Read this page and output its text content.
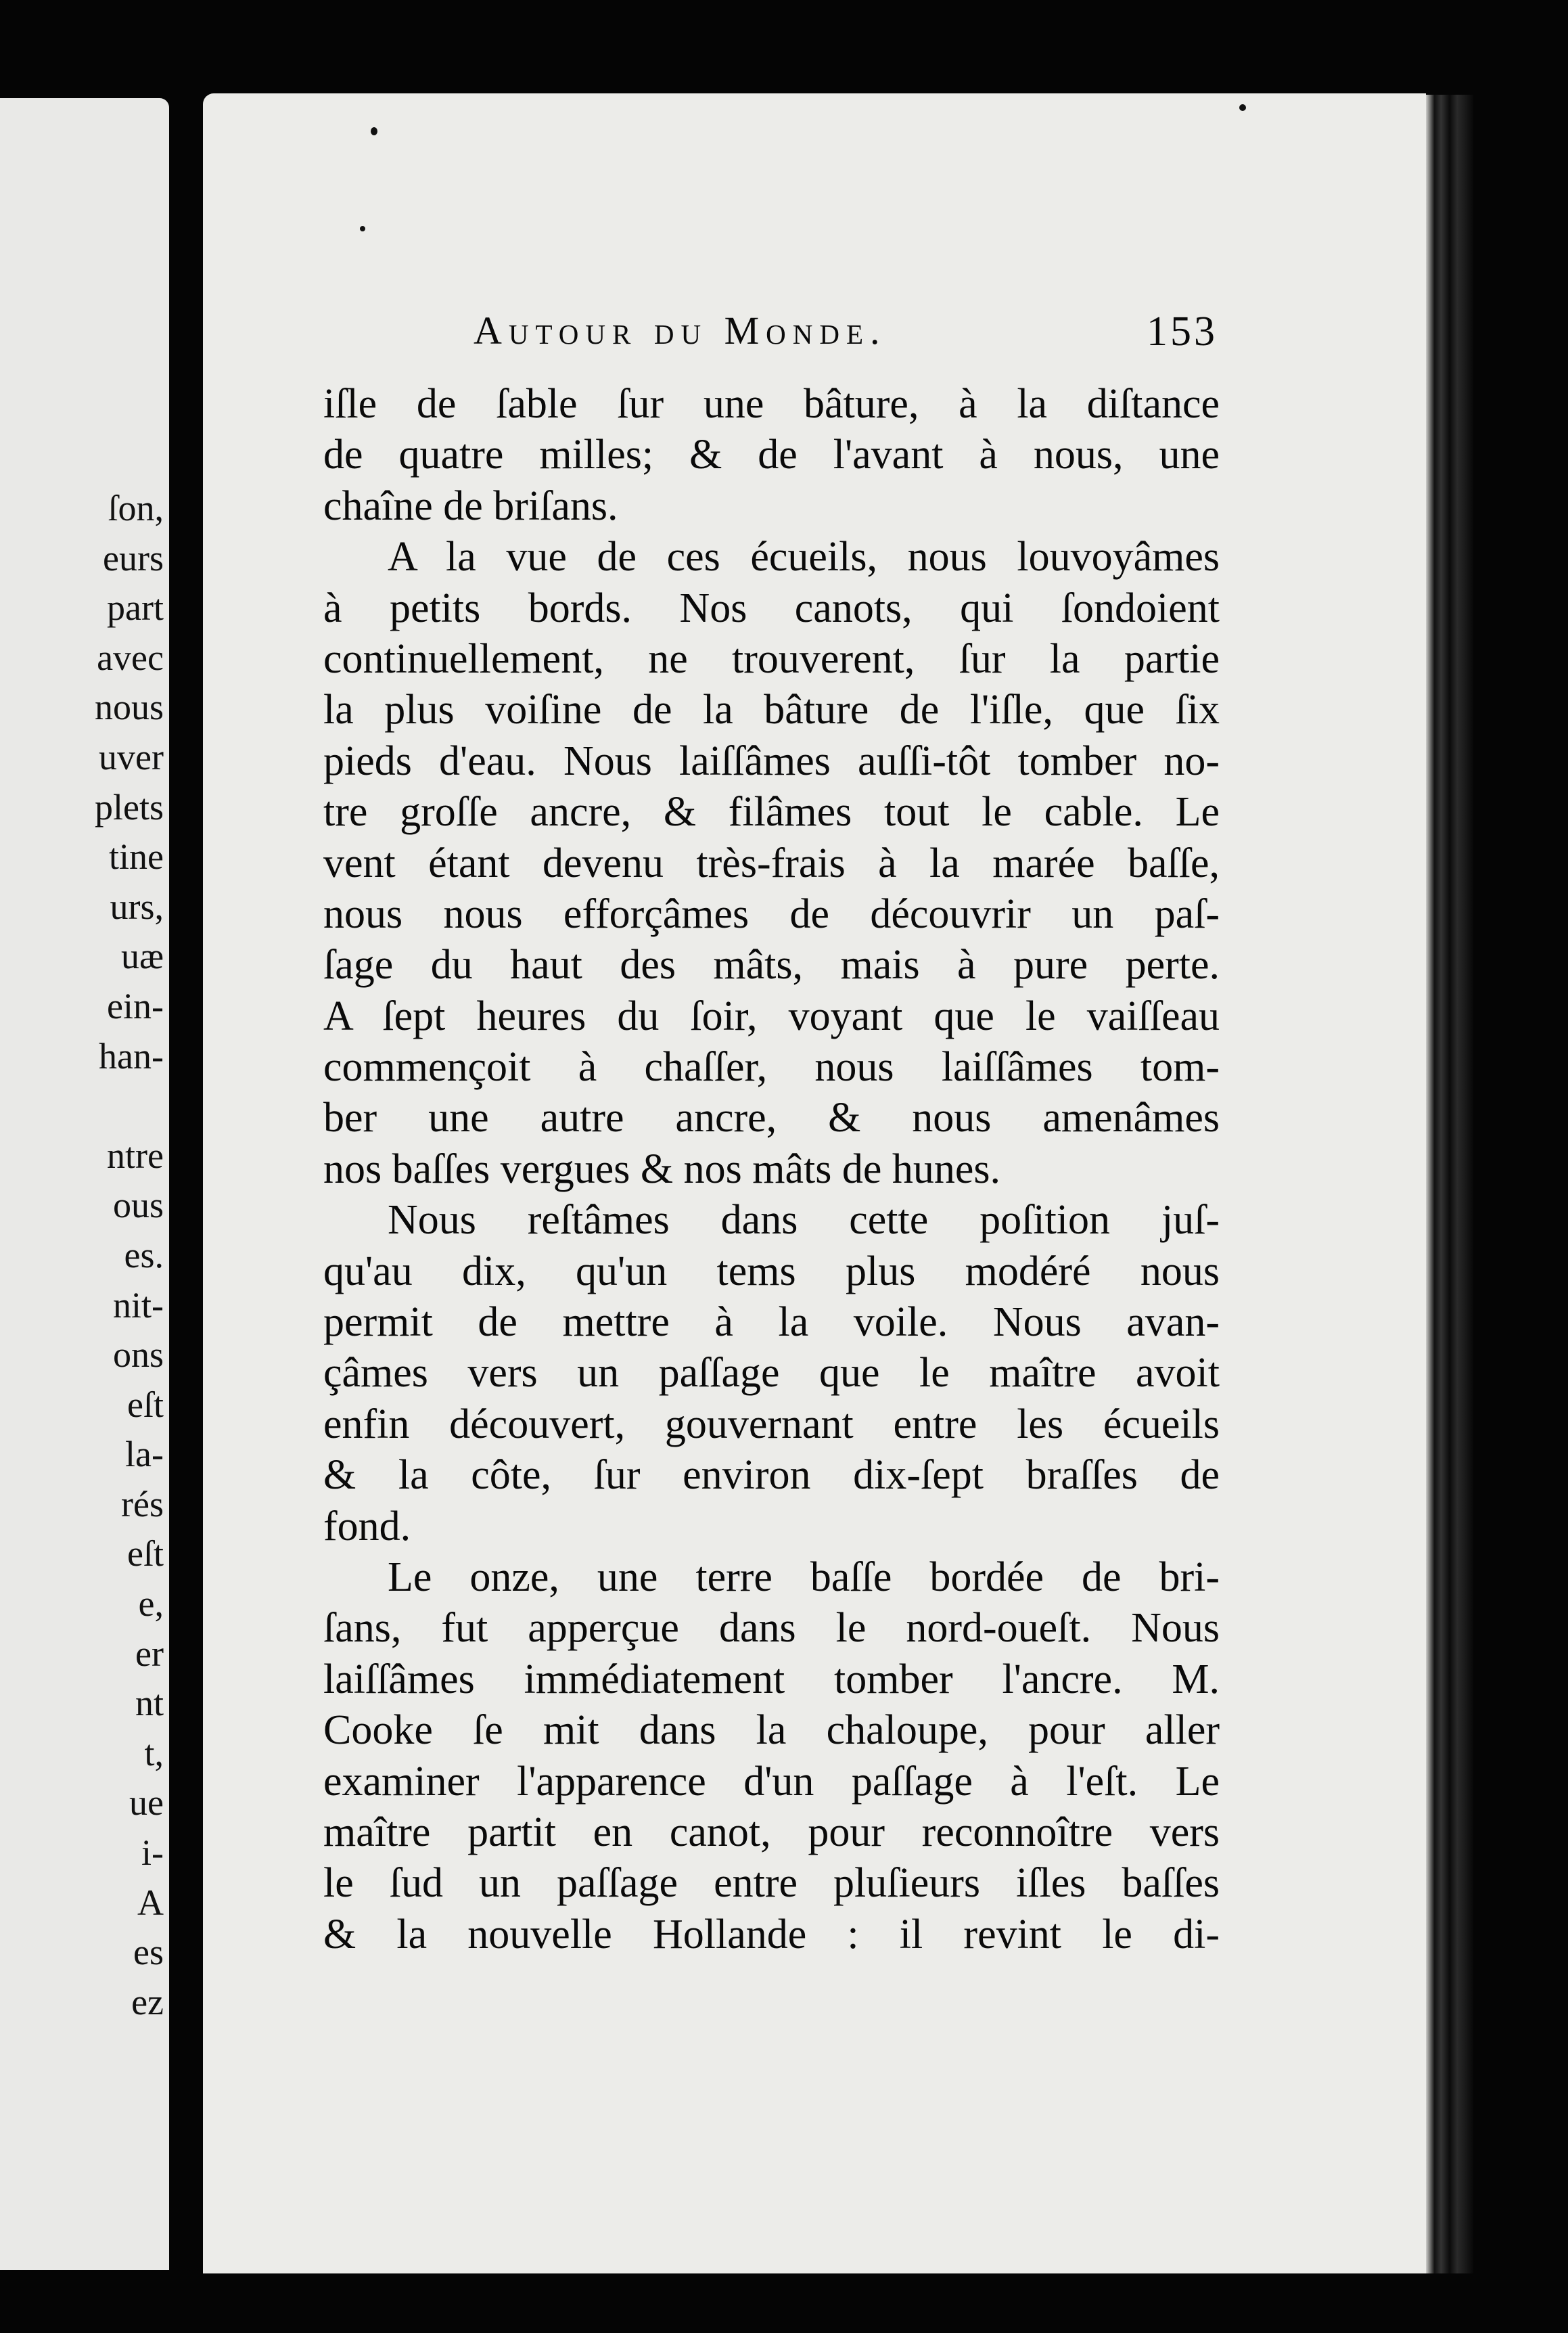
ſon,
eurs
part
avec
nous
uver
plets
tine
urs,
uæ
ein-
han-
ntre
ous
es.
nit-
ons
eſt
la-
rés
eſt
e,
er
nt
t,
ue
i-
A
es
ez
Autour du Monde.	153
iſle de ſable ſur une bâture, à la diſtance
de quatre milles; & de l'avant à nous, une
chaîne de briſans.
A la vue de ces écueils, nous louvoyâmes
à petits bords. Nos canots, qui ſondoient
continuellement, ne trouverent, ſur la partie
la plus voiſine de la bâture de l'iſle, que ſix
pieds d'eau. Nous laiſſâmes auſſi-tôt tomber no-
tre groſſe ancre, & filâmes tout le cable. Le
vent étant devenu très-frais à la marée baſſe,
nous nous efforçâmes de découvrir un paſ-
ſage du haut des mâts, mais à pure perte.
A ſept heures du ſoir, voyant que le vaiſſeau
commençoit à chaſſer, nous laiſſâmes tom-
ber une autre ancre, & nous amenâmes
nos baſſes vergues & nos mâts de hunes.
Nous reſtâmes dans cette poſition juſ-
qu'au dix, qu'un tems plus modéré nous
permit de mettre à la voile. Nous avan-
çâmes vers un paſſage que le maître avoit
enfin découvert, gouvernant entre les écueils
& la côte, ſur environ dix-ſept braſſes de
fond.
Le onze, une terre baſſe bordée de bri-
ſans, fut apperçue dans le nord-oueſt. Nous
laiſſâmes immédiatement tomber l'ancre. M.
Cooke ſe mit dans la chaloupe, pour aller
examiner l'apparence d'un paſſage à l'eſt. Le
maître partit en canot, pour reconnoître vers
le ſud un paſſage entre pluſieurs iſles baſſes
& la nouvelle Hollande : il revint le di-
